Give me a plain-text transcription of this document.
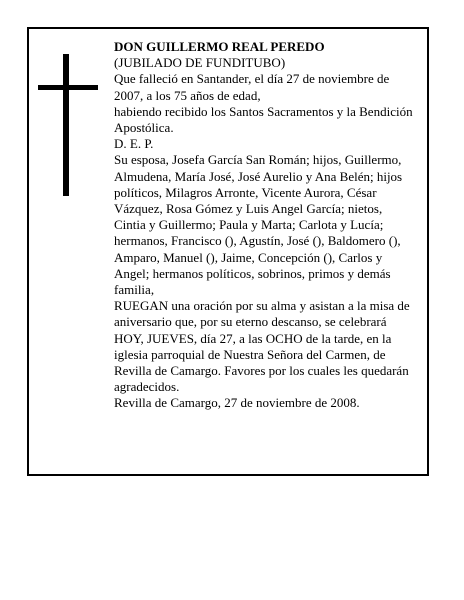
DON GUILLERMO REAL PEREDO

(JUBILADO DE FUNDITUBO)

Que falleció en Santander, el día 27 de noviembre de 2007, a los 75 años de edad,

habiendo recibido los Santos Sacramentos y la Bendición Apostólica.

D. E. P.

Su esposa, Josefa García San Román; hijos, Guillermo, Almudena, María José, José Aurelio y Ana Belén; hijos políticos, Milagros Arronte, Vicente Aurora, César Vázquez, Rosa Gómez y Luis Angel García; nietos, Cintia y Guillermo; Paula y Marta; Carlota y Lucía; hermanos, Francisco (), Agustín, José (), Baldomero (), Amparo, Manuel (), Jaime, Concepción (), Carlos y Angel; hermanos políticos, sobrinos, primos y demás familia,

RUEGAN una oración por su alma y asistan a la misa de aniversario que, por su eterno descanso, se celebrará HOY, JUEVES, día 27, a las OCHO de la tarde, en la iglesia parroquial de Nuestra Señora del Carmen, de Revilla de Camargo. Favores por los cuales les quedarán agradecidos.

Revilla de Camargo, 27 de noviembre de 2008.
